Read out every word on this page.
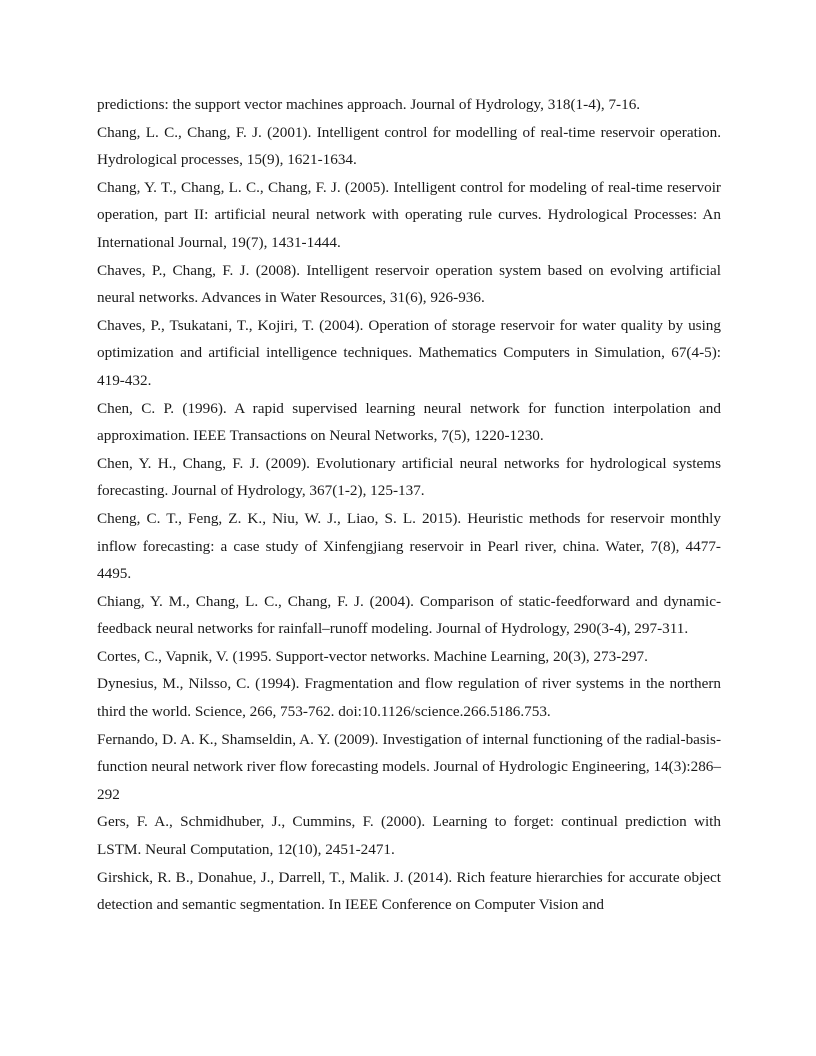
predictions: the support vector machines approach. Journal of Hydrology, 318(1-4), 7-16.

Chang, L. C., Chang, F. J. (2001). Intelligent control for modelling of real‐time reservoir operation. Hydrological processes, 15(9), 1621-1634.

Chang, Y. T., Chang, L. C., Chang, F. J. (2005). Intelligent control for modeling of real‐time reservoir operation, part II: artificial neural network with operating rule curves. Hydrological Processes: An International Journal, 19(7), 1431-1444.

Chaves, P., Chang, F. J. (2008). Intelligent reservoir operation system based on evolving artificial neural networks. Advances in Water Resources, 31(6), 926-936.

Chaves, P., Tsukatani, T., Kojiri, T. (2004). Operation of storage reservoir for water quality by using optimization and artificial intelligence techniques. Mathematics Computers in Simulation, 67(4-5): 419-432.

Chen, C. P. (1996). A rapid supervised learning neural network for function interpolation and approximation. IEEE Transactions on Neural Networks, 7(5), 1220-1230.

Chen, Y. H., Chang, F. J. (2009). Evolutionary artificial neural networks for hydrological systems forecasting. Journal of Hydrology, 367(1-2), 125-137.

Cheng, C. T., Feng, Z. K., Niu, W. J., Liao, S. L. 2015). Heuristic methods for reservoir monthly inflow forecasting: a case study of Xinfengjiang reservoir in Pearl river, china. Water, 7(8), 4477-4495.

Chiang, Y. M., Chang, L. C., Chang, F. J. (2004). Comparison of static-feedforward and dynamic-feedback neural networks for rainfall–runoff modeling. Journal of Hydrology, 290(3-4), 297-311.

Cortes, C., Vapnik, V. (1995. Support-vector networks. Machine Learning, 20(3), 273-297.

Dynesius, M., Nilsso, C. (1994). Fragmentation and flow regulation of river systems in the northern third the world. Science, 266, 753-762. doi:10.1126/science.266.5186.753.

Fernando, D. A. K., Shamseldin, A. Y. (2009). Investigation of internal functioning of the radial-basis-function neural network river flow forecasting models. Journal of Hydrologic Engineering, 14(3):286–292

Gers, F. A., Schmidhuber, J., Cummins, F. (2000). Learning to forget: continual prediction with LSTM. Neural Computation, 12(10), 2451-2471.

Girshick, R. B., Donahue, J., Darrell, T., Malik. J. (2014). Rich feature hierarchies for accurate object detection and semantic segmentation. In IEEE Conference on Computer Vision and
